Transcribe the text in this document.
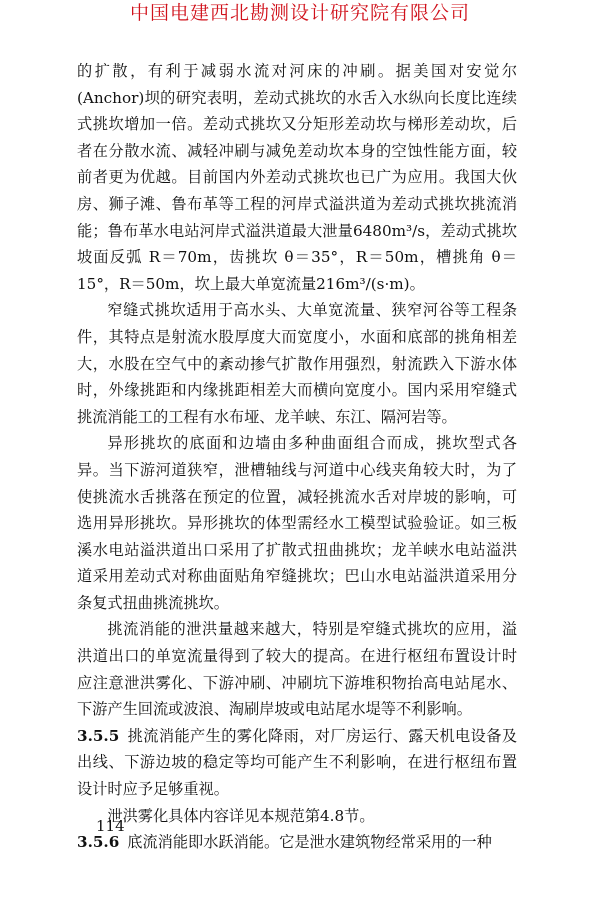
中国电建西北勘测设计研究院有限公司

的扩散，有利于减弱水流对河床的冲刷。据美国对安觉尔(Anchor)坝的研究表明，差动式挑坎的水舌入水纵向长度比连续式挑坎增加一倍。差动式挑坎又分矩形差动坎与梯形差动坎，后者在分散水流、减轻冲刷与减免差动坎本身的空蚀性能方面，较前者更为优越。目前国内外差动式挑坎也已广为应用。我国大伙房、狮子滩、鲁布革等工程的河岸式溢洪道为差动式挑坎挑流消能；鲁布革水电站河岸式溢洪道最大泄量6480m³/s，差动式挑坎坡面反弧 R＝70m，齿挑坎 θ＝35°，R＝50m，槽挑角 θ＝15°，R＝50m，坎上最大单宽流量216m³/(s·m)。

窄缝式挑坎适用于高水头、大单宽流量、狭窄河谷等工程条件，其特点是射流水股厚度大而宽度小，水面和底部的挑角相差大，水股在空气中的紊动掺气扩散作用强烈，射流跌入下游水体时，外缘挑距和内缘挑距相差大而横向宽度小。国内采用窄缝式挑流消能工的工程有水布垭、龙羊峡、东江、隔河岩等。

异形挑坎的底面和边墙由多种曲面组合而成，挑坎型式各异。当下游河道狭窄，泄槽轴线与河道中心线夹角较大时，为了使挑流水舌挑落在预定的位置，减轻挑流水舌对岸坡的影响，可选用异形挑坎。异形挑坎的体型需经水工模型试验验证。如三板溪水电站溢洪道出口采用了扩散式扭曲挑坎；龙羊峡水电站溢洪道采用差动式对称曲面贴角窄缝挑坎；巴山水电站溢洪道采用分条复式扭曲挑流挑坎。

挑流消能的泄洪量越来越大，特别是窄缝式挑坎的应用，溢洪道出口的单宽流量得到了较大的提高。在进行枢纽布置设计时应注意泄洪雾化、下游冲刷、冲刷坑下游堆积物抬高电站尾水、下游产生回流或波浪、淘刷岸坡或电站尾水堤等不利影响。

3.5.5 挑流消能产生的雾化降雨，对厂房运行、露天机电设备及出线、下游边坡的稳定等均可能产生不利影响，在进行枢纽布置设计时应予足够重视。

泄洪雾化具体内容详见本规范第4.8节。

3.5.6 底流消能即水跃消能。它是泄水建筑物经常采用的一种

114
